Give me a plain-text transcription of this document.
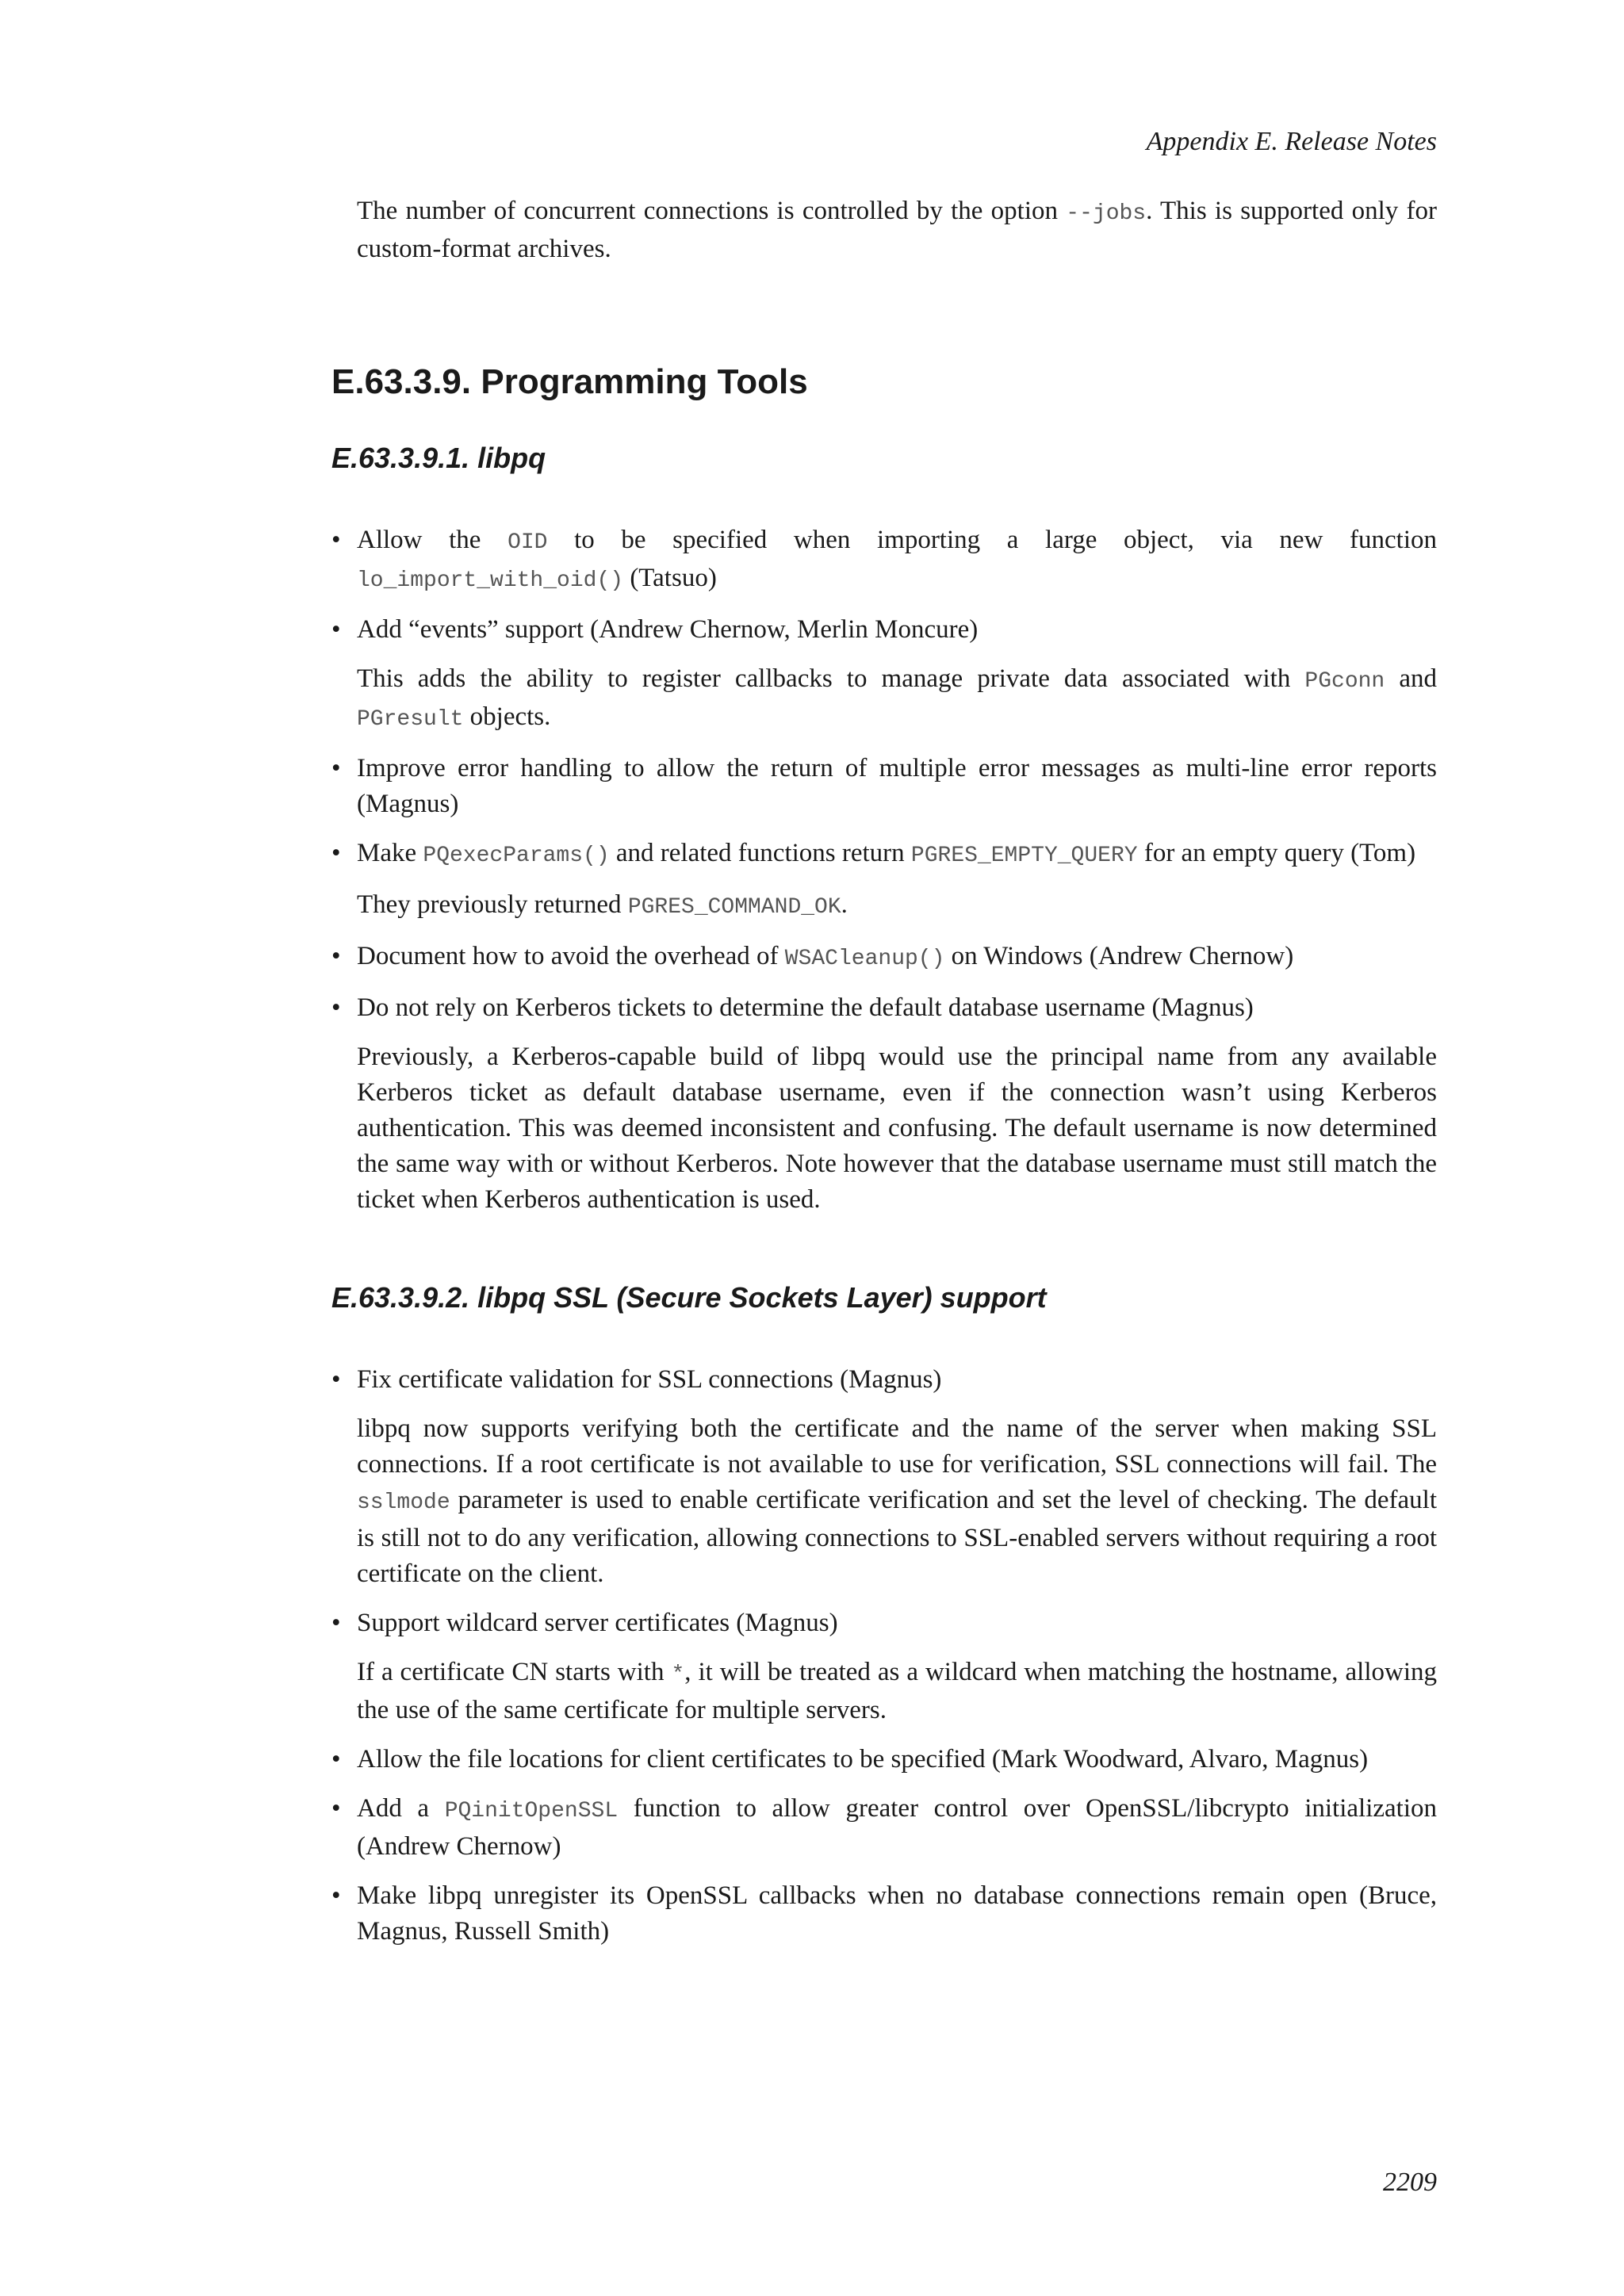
Appendix E. Release Notes

The number of concurrent connections is controlled by the option --jobs. This is supported only for custom-format archives.

E.63.3.9. Programming Tools
E.63.3.9.1. libpq
• Allow the OID to be specified when importing a large object, via new function lo_import_with_oid() (Tatsuo)
• Add “events” support (Andrew Chernow, Merlin Moncure)
This adds the ability to register callbacks to manage private data associated with PGconn and PGresult objects.
• Improve error handling to allow the return of multiple error messages as multi-line error reports (Magnus)
• Make PQexecParams() and related functions return PGRES_EMPTY_QUERY for an empty query (Tom)
They previously returned PGRES_COMMAND_OK.
• Document how to avoid the overhead of WSACleanup() on Windows (Andrew Chernow)
• Do not rely on Kerberos tickets to determine the default database username (Magnus)
Previously, a Kerberos-capable build of libpq would use the principal name from any available Kerberos ticket as default database username, even if the connection wasn’t using Kerberos authentication. This was deemed inconsistent and confusing. The default username is now determined the same way with or without Kerberos. Note however that the database username must still match the ticket when Kerberos authentication is used.
E.63.3.9.2. libpq SSL (Secure Sockets Layer) support
• Fix certificate validation for SSL connections (Magnus)
libpq now supports verifying both the certificate and the name of the server when making SSL connections. If a root certificate is not available to use for verification, SSL connections will fail. The sslmode parameter is used to enable certificate verification and set the level of checking. The default is still not to do any verification, allowing connections to SSL-enabled servers without requiring a root certificate on the client.
• Support wildcard server certificates (Magnus)
If a certificate CN starts with *, it will be treated as a wildcard when matching the hostname, allowing the use of the same certificate for multiple servers.
• Allow the file locations for client certificates to be specified (Mark Woodward, Alvaro, Magnus)
• Add a PQinitOpenSSL function to allow greater control over OpenSSL/libcrypto initialization (Andrew Chernow)
• Make libpq unregister its OpenSSL callbacks when no database connections remain open (Bruce, Magnus, Russell Smith)
2209
